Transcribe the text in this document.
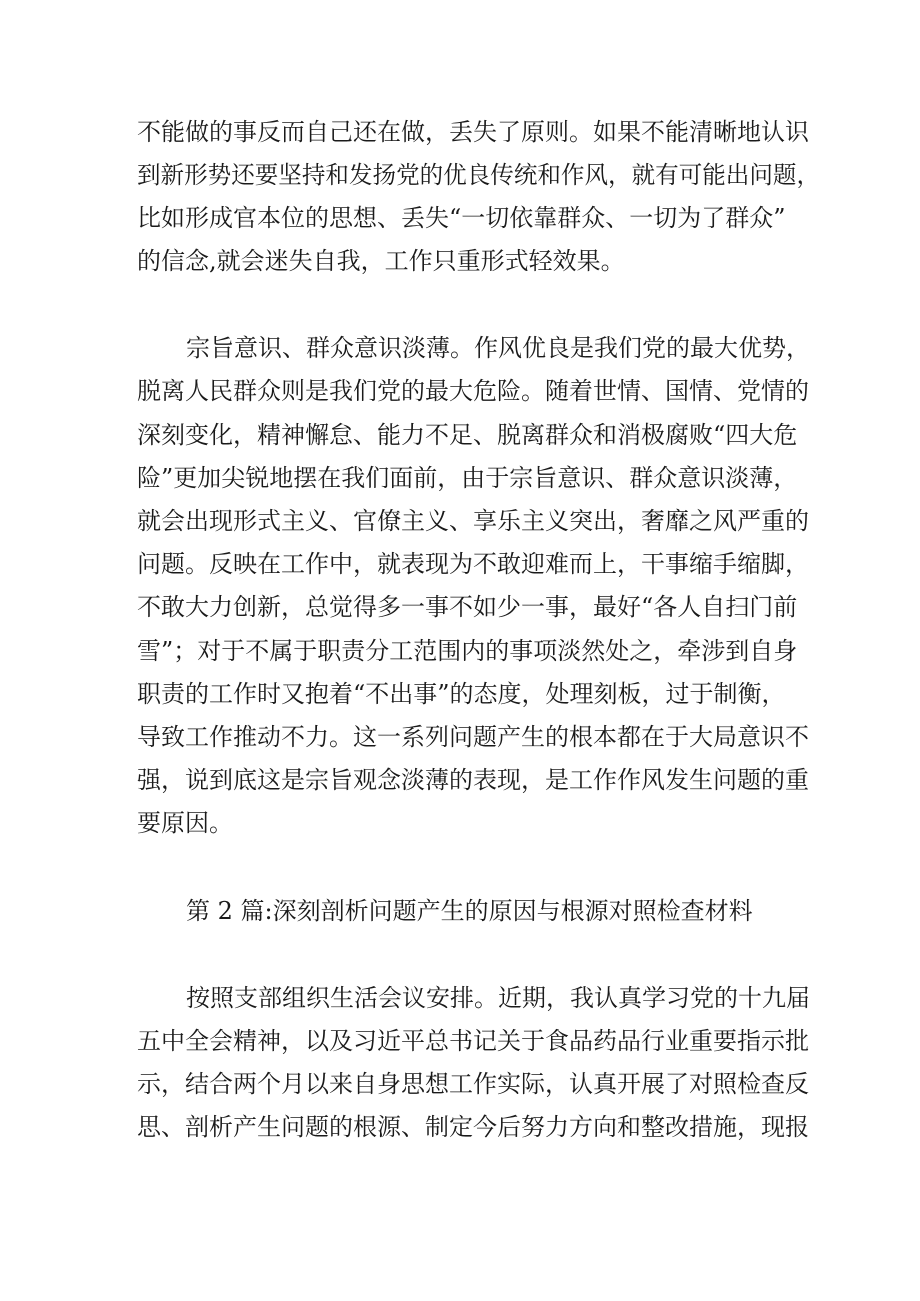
不能做的事反而自己还在做，丢失了原则。如果不能清晰地认识
到新形势还要坚持和发扬党的优良传统和作风，就有可能出问题，
比如形成官本位的思想、丢失“一切依靠群众、一切为了群众”
的信念,就会迷失自我，工作只重形式轻效果。
宗旨意识、群众意识淡薄。作风优良是我们党的最大优势，
脱离人民群众则是我们党的最大危险。随着世情、国情、党情的
深刻变化，精神懈怠、能力不足、脱离群众和消极腐败“四大危
险”更加尖锐地摆在我们面前，由于宗旨意识、群众意识淡薄，
就会出现形式主义、官僚主义、享乐主义突出，奢靡之风严重的
问题。反映在工作中，就表现为不敢迎难而上，干事缩手缩脚，
不敢大力创新，总觉得多一事不如少一事，最好“各人自扫门前
雪”；对于不属于职责分工范围内的事项淡然处之，牵涉到自身
职责的工作时又抱着“不出事”的态度，处理刻板，过于制衡，
导致工作推动不力。这一系列问题产生的根本都在于大局意识不
强，说到底这是宗旨观念淡薄的表现，是工作作风发生问题的重
要原因。
第 2 篇:深刻剖析问题产生的原因与根源对照检查材料
按照支部组织生活会议安排。近期，我认真学习党的十九届
五中全会精神，以及习近平总书记关于食品药品行业重要指示批
示，结合两个月以来自身思想工作实际，认真开展了对照检查反
思、剖析产生问题的根源、制定今后努力方向和整改措施，现报
